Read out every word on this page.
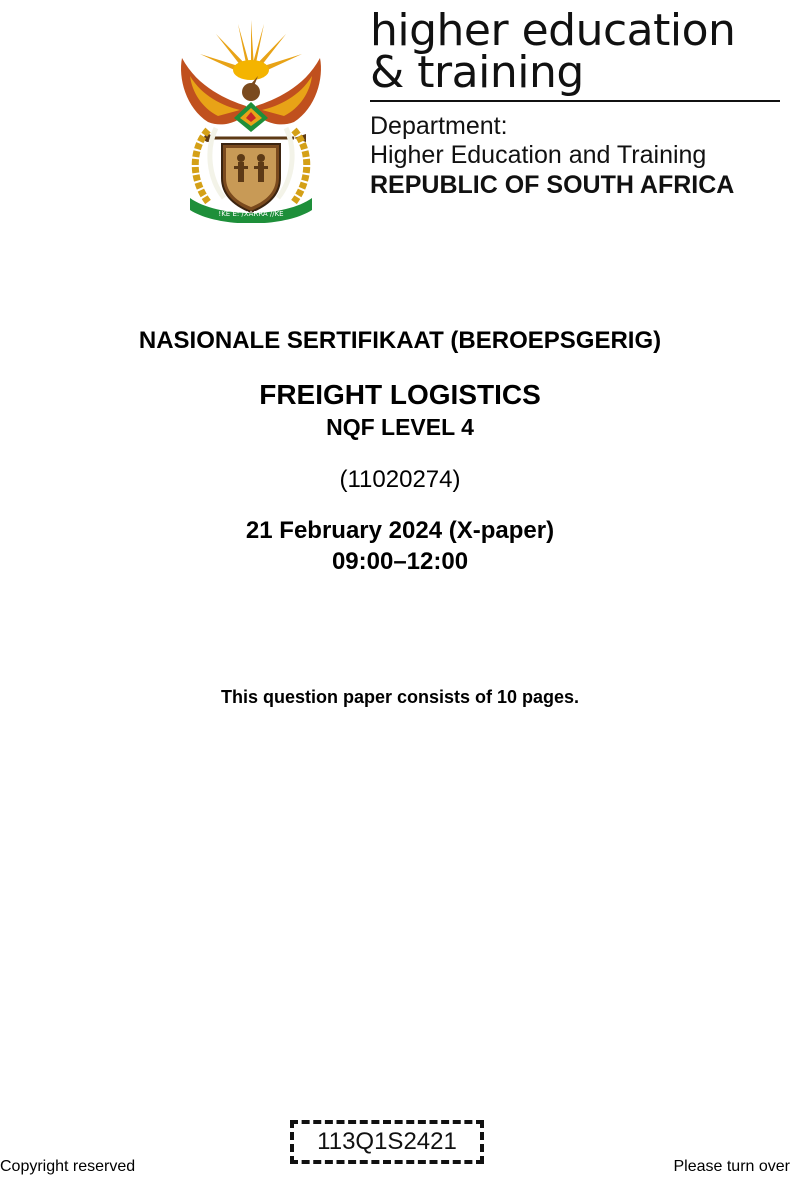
!KE E: /XARRA //KE
higher education
& training
Department:
Higher Education and Training
REPUBLIC OF SOUTH AFRICA
NASIONALE SERTIFIKAAT (BEROEPSGERIG)
FREIGHT LOGISTICS
NQF LEVEL 4
(11020274)
21 February 2024 (X-paper)
09:00–12:00
This question paper consists of 10 pages.
113Q1S2421
Copyright reserved	Please turn over
